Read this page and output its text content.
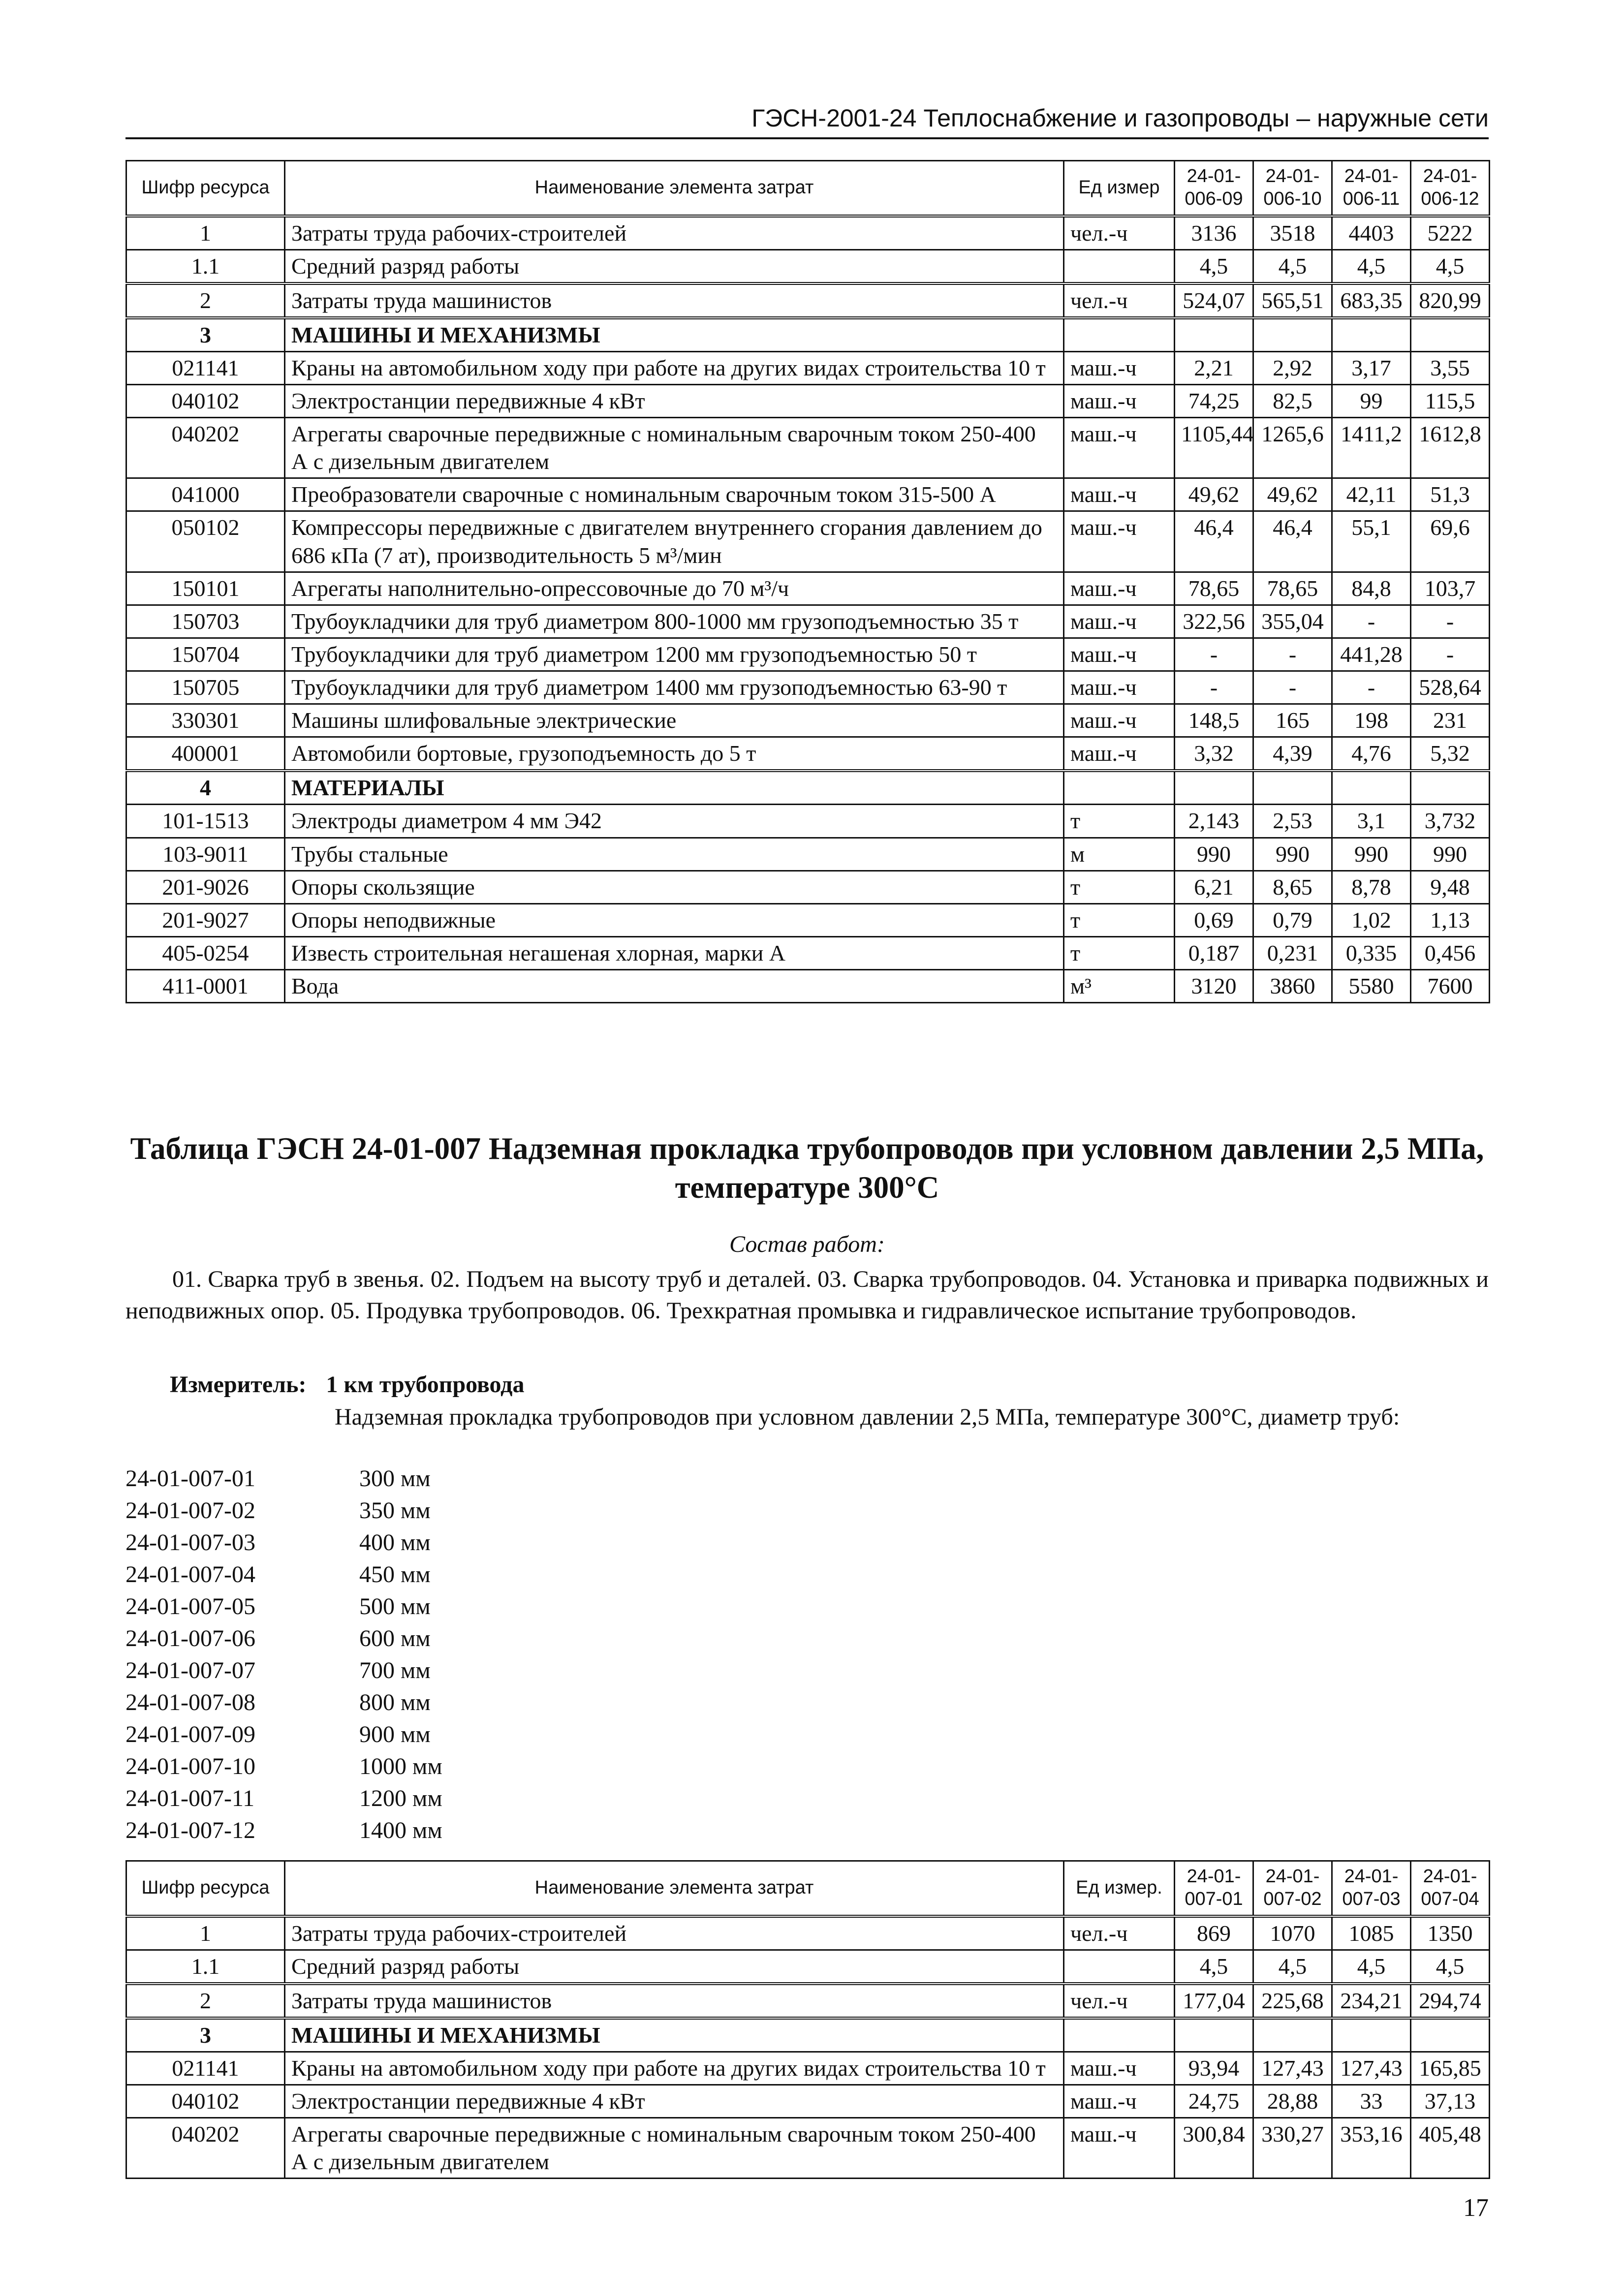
ГЭСН-2001-24 Теплоснабжение и газопроводы – наружные сети
Шифр ресурса	Наименование элемента затрат	Ед измер	24-01-
006-09	24-01-
006-10	24-01-
006-11	24-01-
006-12
1	Затраты труда рабочих-строителей	чел.-ч	3136	3518	4403	5222
1.1	Средний разряд работы		4,5	4,5	4,5	4,5
2	Затраты труда машинистов	чел.-ч	524,07	565,51	683,35	820,99
3	МАШИНЫ И МЕХАНИЗМЫ					
021141	Краны на автомобильном ходу при работе на других видах строительства 10 т	маш.-ч	2,21	2,92	3,17	3,55
040102	Электростанции передвижные 4 кВт	маш.-ч	74,25	82,5	99	115,5
040202	Агрегаты сварочные передвижные с номинальным сварочным током 250-400 А с дизельным двигателем	маш.-ч	1105,44	1265,6	1411,2	1612,8
041000	Преобразователи сварочные с номинальным сварочным током 315-500 А	маш.-ч	49,62	49,62	42,11	51,3
050102	Компрессоры передвижные с двигателем внутреннего сгорания давлением до 686 кПа (7 ат), производительность 5 м³/мин	маш.-ч	46,4	46,4	55,1	69,6
150101	Агрегаты наполнительно-опрессовочные до 70 м³/ч	маш.-ч	78,65	78,65	84,8	103,7
150703	Трубоукладчики для труб диаметром 800-1000 мм грузоподъемностью 35 т	маш.-ч	322,56	355,04	-	-
150704	Трубоукладчики для труб диаметром 1200 мм грузоподъемностью 50 т	маш.-ч	-	-	441,28	-
150705	Трубоукладчики для труб диаметром 1400 мм грузоподъемностью 63-90 т	маш.-ч	-	-	-	528,64
330301	Машины шлифовальные электрические	маш.-ч	148,5	165	198	231
400001	Автомобили бортовые, грузоподъемность до 5 т	маш.-ч	3,32	4,39	4,76	5,32
4	МАТЕРИАЛЫ					
101-1513	Электроды диаметром 4 мм Э42	т	2,143	2,53	3,1	3,732
103-9011	Трубы стальные	м	990	990	990	990
201-9026	Опоры скользящие	т	6,21	8,65	8,78	9,48
201-9027	Опоры неподвижные	т	0,69	0,79	1,02	1,13
405-0254	Известь строительная негашеная хлорная, марки А	т	0,187	0,231	0,335	0,456
411-0001	Вода	м³	3120	3860	5580	7600
Таблица ГЭСН 24-01-007 Надземная прокладка трубопроводов при условном давлении 2,5 МПа, температуре 300°C
Состав работ:
01. Сварка труб в звенья. 02. Подъем на высоту труб и деталей. 03. Сварка трубопроводов. 04. Установка и приварка подвижных и неподвижных опор. 05. Продувка трубопроводов. 06. Трехкратная промывка и гидравлическое испытание трубопроводов.
Измеритель: 1 км трубопровода
Надземная прокладка трубопроводов при условном давлении 2,5 МПа, температуре 300°C, диаметр труб:
24-01-007-01	300 мм
24-01-007-02	350 мм
24-01-007-03	400 мм
24-01-007-04	450 мм
24-01-007-05	500 мм
24-01-007-06	600 мм
24-01-007-07	700 мм
24-01-007-08	800 мм
24-01-007-09	900 мм
24-01-007-10	1000 мм
24-01-007-11	1200 мм
24-01-007-12	1400 мм
Шифр ресурса	Наименование элемента затрат	Ед измер.	24-01-
007-01	24-01-
007-02	24-01-
007-03	24-01-
007-04
1	Затраты труда рабочих-строителей	чел.-ч	869	1070	1085	1350
1.1	Средний разряд работы		4,5	4,5	4,5	4,5
2	Затраты труда машинистов	чел.-ч	177,04	225,68	234,21	294,74
3	МАШИНЫ И МЕХАНИЗМЫ					
021141	Краны на автомобильном ходу при работе на других видах строительства 10 т	маш.-ч	93,94	127,43	127,43	165,85
040102	Электростанции передвижные 4 кВт	маш.-ч	24,75	28,88	33	37,13
040202	Агрегаты сварочные передвижные с номинальным сварочным током 250-400 А с дизельным двигателем	маш.-ч	300,84	330,27	353,16	405,48
17
